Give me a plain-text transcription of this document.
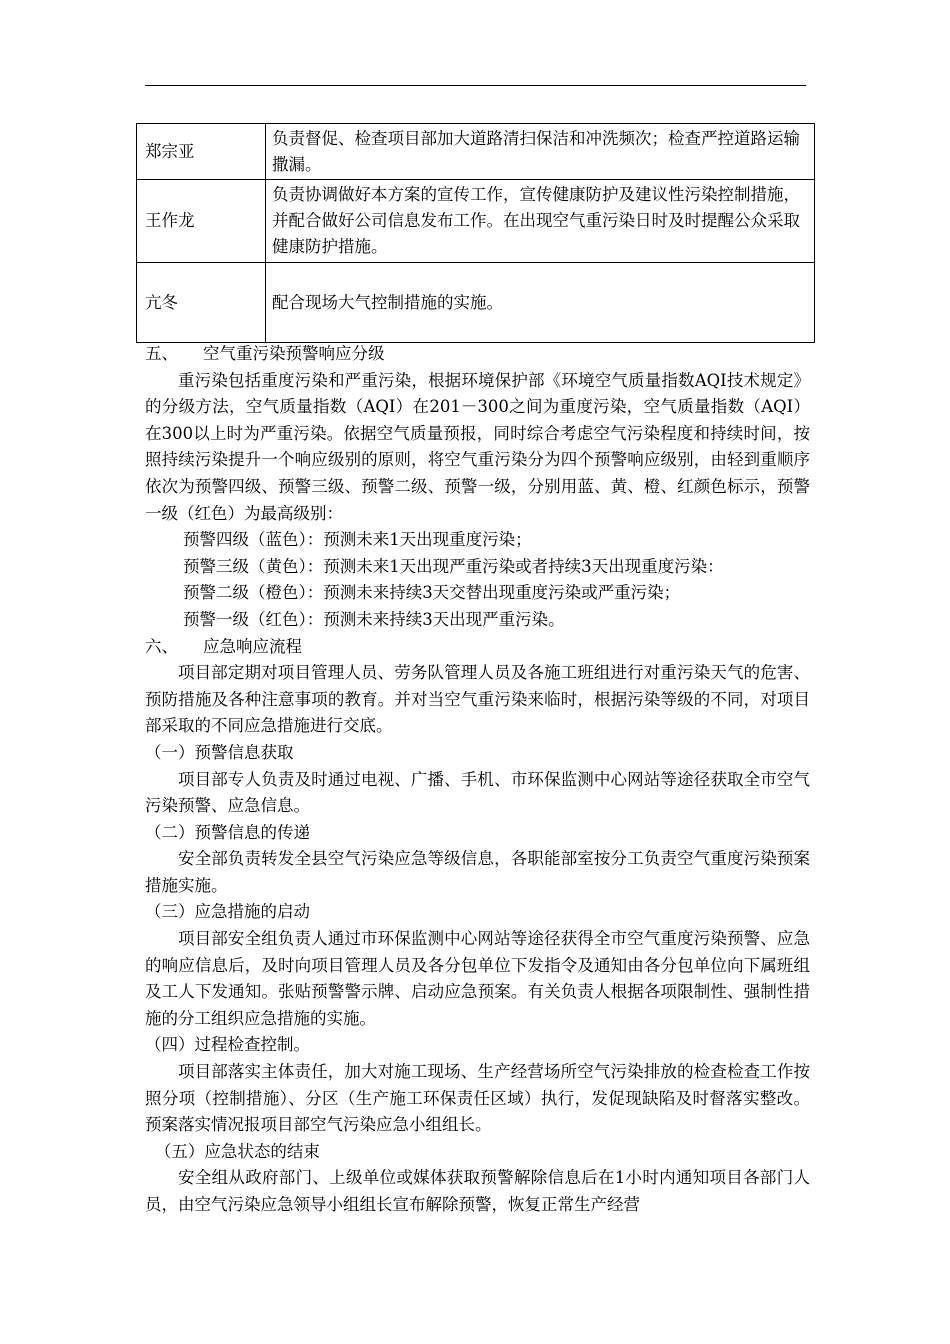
郑宗亚	负责督促、检查项目部加大道路清扫保洁和冲洗频次；检查严控道路运输撒漏。
王作龙	负责协调做好本方案的宣传工作，宣传健康防护及建议性污染控制措施，并配合做好公司信息发布工作。在出现空气重污染日时及时提醒公众采取健康防护措施。
亢冬	配合现场大气控制措施的实施。

五、 空气重污染预警响应分级

重污染包括重度污染和严重污染，根据环境保护部《环境空气质量指数AQI技术规定》的分级方法，空气质量指数（AQI）在201－300之间为重度污染，空气质量指数（AQI）在300以上时为严重污染。依据空气质量预报，同时综合考虑空气污染程度和持续时间，按照持续污染提升一个响应级别的原则，将空气重污染分为四个预警响应级别，由轻到重顺序依次为预警四级、预警三级、预警二级、预警一级，分别用蓝、黄、橙、红颜色标示，预警一级（红色）为最高级别：

预警四级（蓝色）：预测未来1天出现重度污染；

预警三级（黄色）：预测未来1天出现严重污染或者持续3天出现重度污染：

预警二级（橙色）：预测未来持续3天交替出现重度污染或严重污染；

预警一级（红色）：预测未来持续3天出现严重污染。

六、 应急响应流程

项目部定期对项目管理人员、劳务队管理人员及各施工班组进行对重污染天气的危害、预防措施及各种注意事项的教育。并对当空气重污染来临时，根据污染等级的不同，对项目部采取的不同应急措施进行交底。

（一）预警信息获取

项目部专人负责及时通过电视、广播、手机、市环保监测中心网站等途径获取全市空气污染预警、应急信息。

（二）预警信息的传递

安全部负责转发全县空气污染应急等级信息，各职能部室按分工负责空气重度污染预案措施实施。

（三）应急措施的启动

项目部安全组负责人通过市环保监测中心网站等途径获得全市空气重度污染预警、应急的响应信息后，及时向项目管理人员及各分包单位下发指令及通知由各分包单位向下属班组及工人下发通知。张贴预警警示牌、启动应急预案。有关负责人根据各项限制性、强制性措施的分工组织应急措施的实施。

（四）过程检查控制。

项目部落实主体责任，加大对施工现场、生产经营场所空气污染排放的检查检查工作按照分项（控制措施）、分区（生产施工环保责任区域）执行，发促现缺陷及时督落实整改。预案落实情况报项目部空气污染应急小组组长。

（五）应急状态的结束

安全组从政府部门、上级单位或媒体获取预警解除信息后在1小时内通知项目各部门人员，由空气污染应急领导小组组长宣布解除预警，恢复正常生产经营
